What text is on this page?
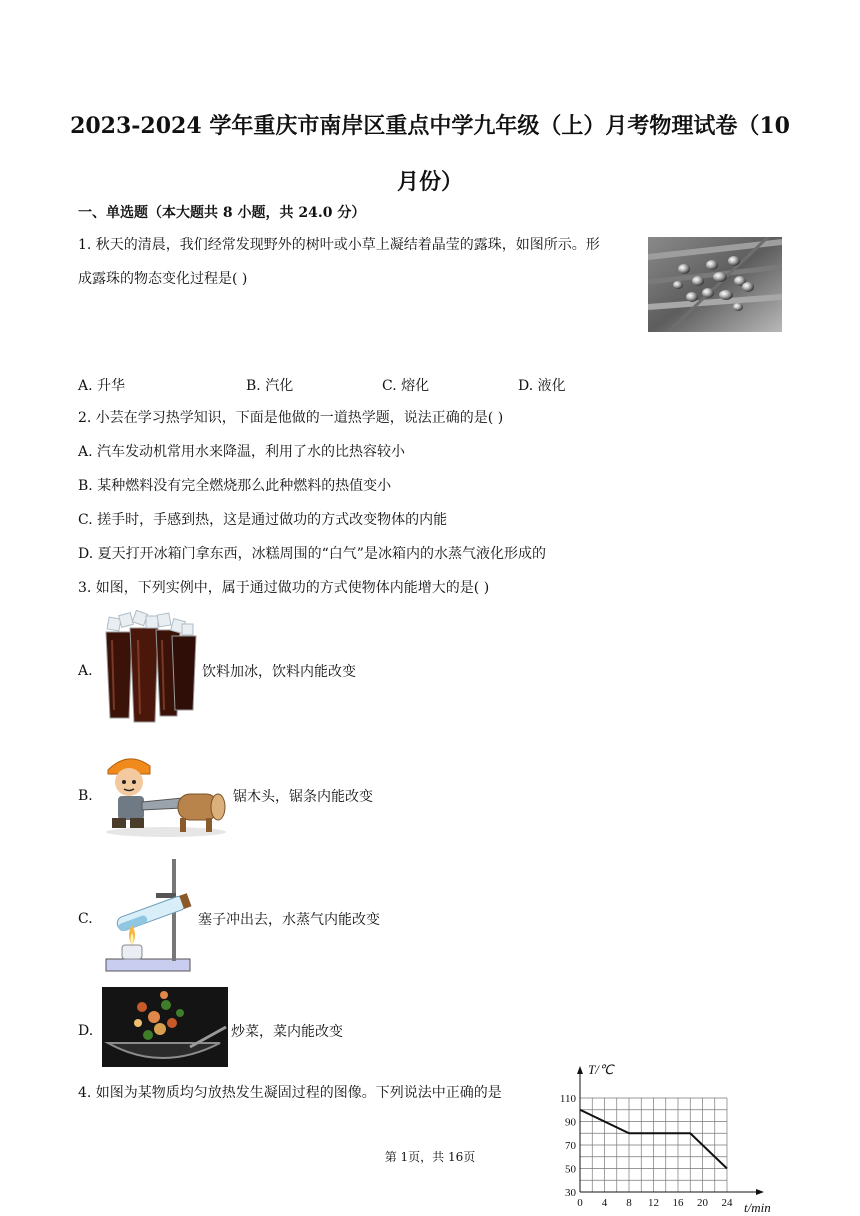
2023-2024 学年重庆市南岸区重点中学九年级（上）月考物理试卷（10
月份）
一、单选题（本大题共 8 小题，共 24.0 分）
1. 秋天的清晨，我们经常发现野外的树叶或小草上凝结着晶莹的露珠，如图所示。形
成露珠的物态变化过程是( )
A. 升华	B. 汽化	C. 熔化	D. 液化
2. 小芸在学习热学知识，下面是他做的一道热学题，说法正确的是( )
A. 汽车发动机常用水来降温，利用了水的比热容较小
B. 某种燃料没有完全燃烧那么此种燃料的热值变小
C. 搓手时，手感到热，这是通过做功的方式改变物体的内能
D. 夏天打开冰箱门拿东西，冰糕周围的“白气”是冰箱内的水蒸气液化形成的
3. 如图，下列实例中，属于通过做功的方式使物体内能增大的是( )
A.	饮料加冰，饮料内能改变
B.	锯木头，锯条内能改变
C.	塞子冲出去，水蒸气内能改变
D.	炒菜，菜内能改变
4. 如图为某物质均匀放热发生凝固过程的图像。下列说法中正确的是
0 4 8 12 16 20 24
30
50
70
90
110
T/℃
t/min
第 1页，共 16页
